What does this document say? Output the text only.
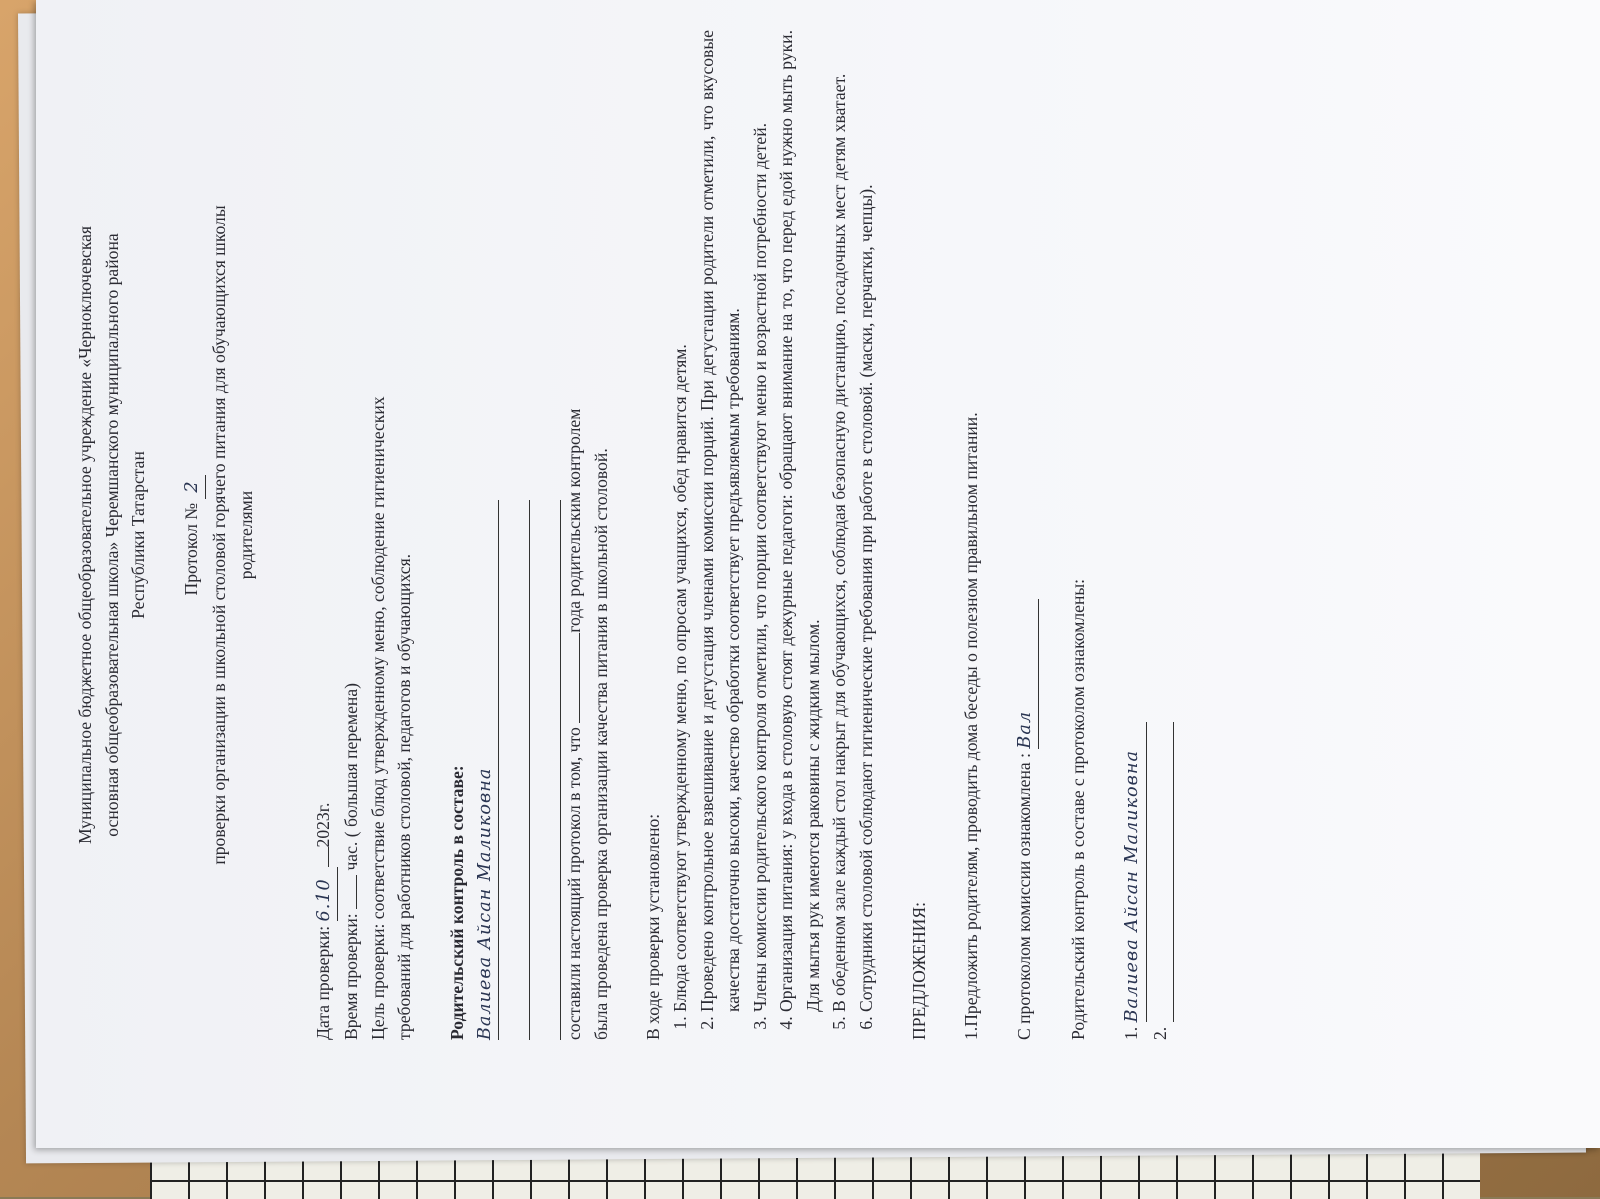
Муниципальное бюджетное общеобразовательное учреждение «Черноключевская основная общеобразовательная школа» Черемшанского муниципального района Республики Татарстан Протокол № 2 проверки организации в школьной столовой горячего питания для обучающихся школы родителями
Дата проверки: 6.102023г.
Время проверки:  час. ( большая перемена) Цель проверки: соответствие блюд утвержденному меню, соблюдение гигиенических требований для работников столовой, педагогов и обучающихся. Родительский контроль в составе: Валиева Айсан Маликовна	составили настоящий протокол в том, что года родительским контролем была проведена проверка организации качества питания в школьной столовой. В ходе проверки установлено: 1. Блюда соответствуют утвержденному меню, по опросам учащихся, обед нравится детям. 2. Проведено контрольное взвешивание и дегустация членами комиссии порций. При дегустации родители отметили, что вкусовые качества достаточно высоки, качество обработки соответствует предъявляемым требованиям. 3. Члены комиссии родительского контроля отметили, что порции соответствуют меню и возрастной потребности детей. 4. Организация питания: у входа в столовую стоят дежурные педагоги: обращают внимание на то, что перед едой нужно мыть руки. Для мытья рук имеются раковины с жидким мылом. 5. В обеденном зале каждый стол накрыт для обучающихся, соблюдая безопасную дистанцию, посадочных мест детям хватает. 6. Сотрудники столовой соблюдают гигиенические требования при работе в столовой. (маски, перчатки, чепцы). ПРЕДЛОЖЕНИЯ: 1.Предложить родителям, проводить дома беседы о полезном правильном питании. С протоколом комиссии ознакомлена : Вал Родительский контроль в составе с протоколом ознакомлены: 1. Валиева Айсан Маликовна
2.
